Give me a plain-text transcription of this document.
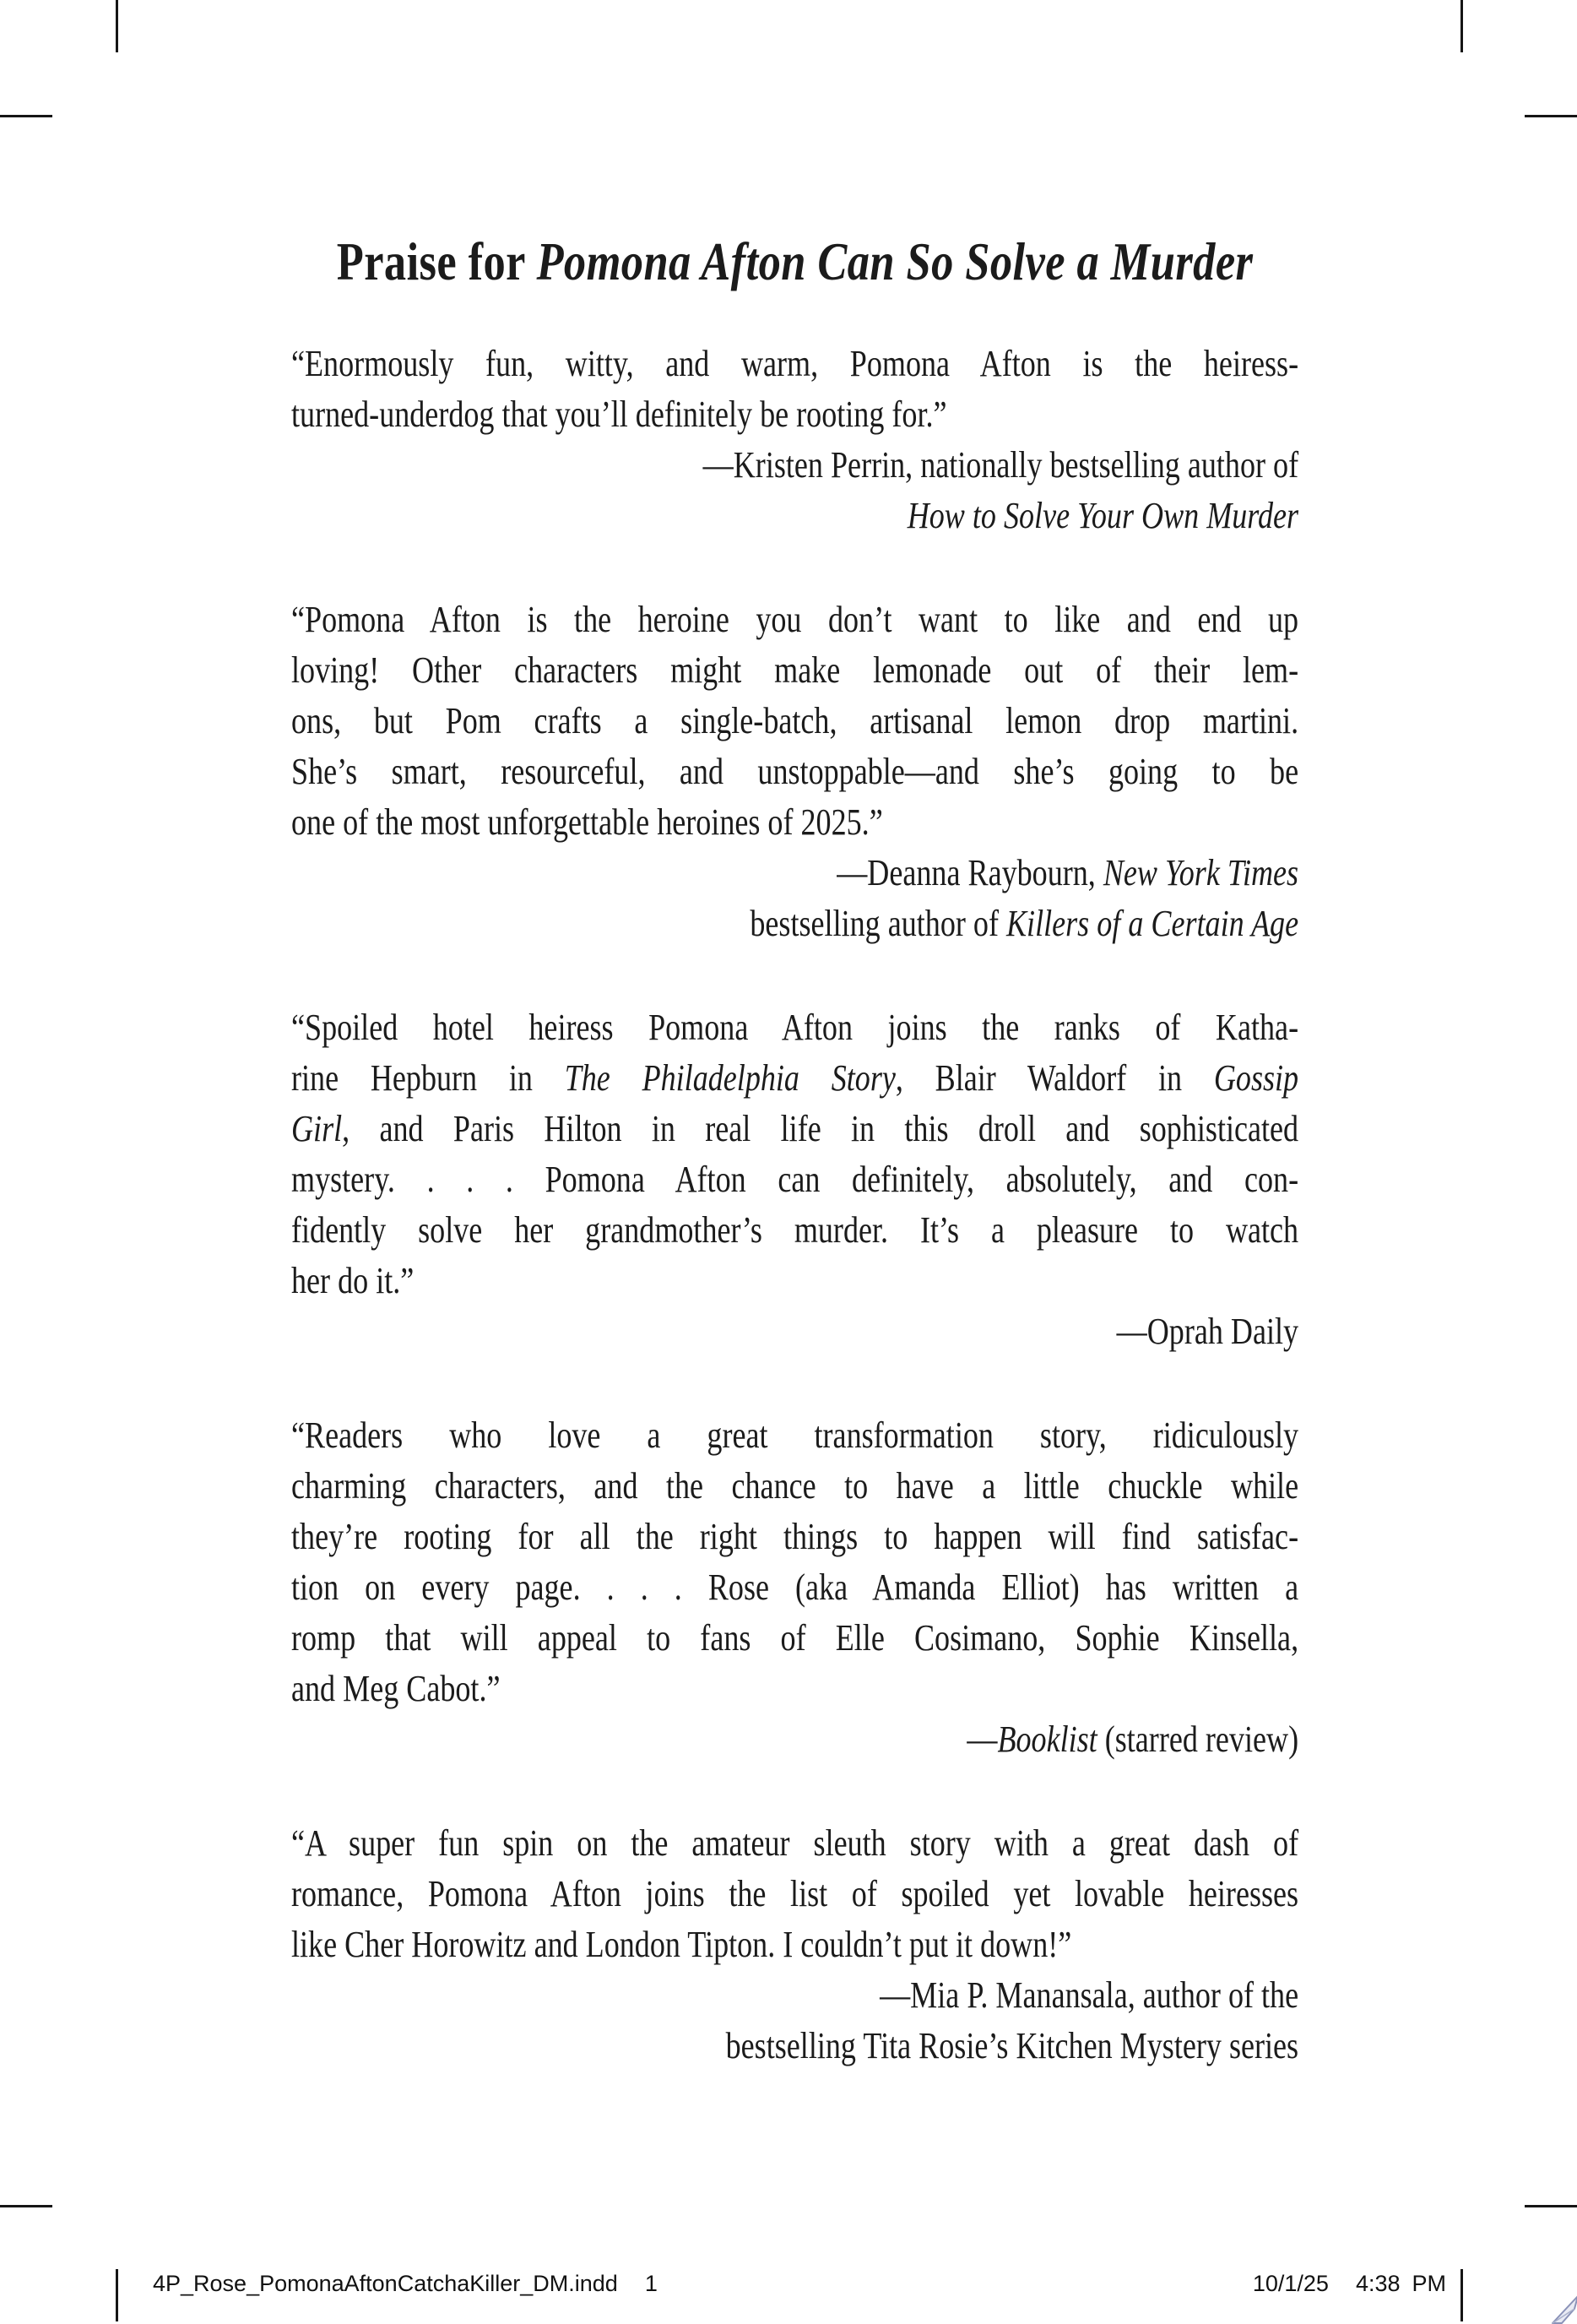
Praise for Pomona Afton Can So Solve a Murder
“Enormously fun, witty, and warm, Pomona Afton is the heiress-
turned-underdog that you’ll definitely be rooting for.”
—Kristen Perrin, nationally bestselling author of
How to Solve Your Own Murder
“Pomona Afton is the heroine you don’t want to like and end up
loving! Other characters might make lemonade out of their lem-
ons, but Pom crafts a single-batch, artisanal lemon drop martini.
She’s smart, resourceful, and unstoppable—and she’s going to be
one of the most unforgettable heroines of 2025.”
—Deanna Raybourn, New York Times
bestselling author of Killers of a Certain Age
“Spoiled hotel heiress Pomona Afton joins the ranks of Katha-
rine Hepburn in The Philadelphia Story, Blair Waldorf in Gossip
Girl, and Paris Hilton in real life in this droll and sophisticated
mystery. . . . Pomona Afton can definitely, absolutely, and con-
fidently solve her grandmother’s murder. It’s a pleasure to watch
her do it.”
—Oprah Daily
“Readers who love a great transformation story, ridiculously
charming characters, and the chance to have a little chuckle while
they’re rooting for all the right things to happen will find satisfac-
tion on every page. . . . Rose (aka Amanda Elliot) has written a
romp that will appeal to fans of Elle Cosimano, Sophie Kinsella,
and Meg Cabot.”
—Booklist (starred review)
“A super fun spin on the amateur sleuth story with a great dash of
romance, Pomona Afton joins the list of spoiled yet lovable heiresses
like Cher Horowitz and London Tipton. I couldn’t put it down!”
—Mia P. Manansala, author of the
bestselling Tita Rosie’s Kitchen Mystery series
4P_Rose_PomonaAftonCatchaKiller_DM.indd 1	10/1/25 4:38 PM
